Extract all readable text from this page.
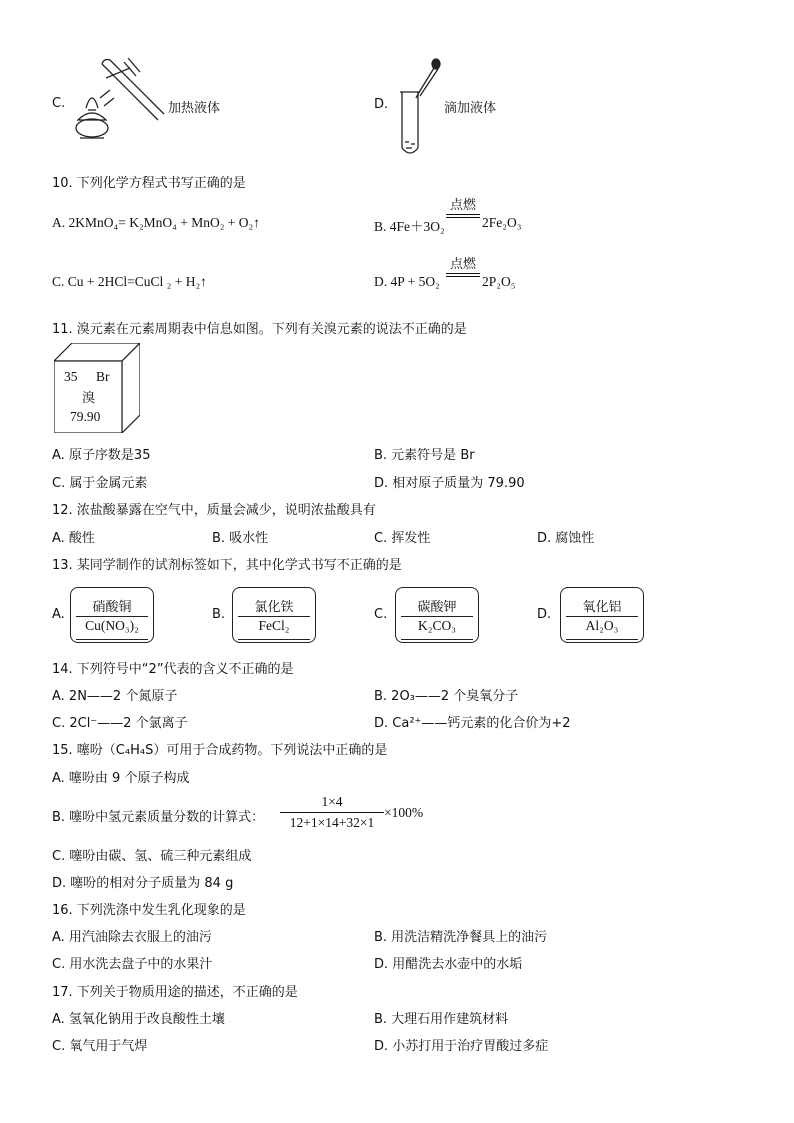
C.	加热液体	D.	滴加液体
10. 下列化学方程式书写正确的是
A. 2KMnO₄= K₂MnO₄ + MnO₂ + O₂↑	B. 4Fe＋3O₂
点燃
2Fe₂O₃
C. Cu + 2HCl=CuCl ₂ + H₂↑	D. 4P + 5O₂
点燃
2P₂O₅
11. 溴元素在元素周期表中信息如图。下列有关溴元素的说法不正确的是
35 Br
溴
79.90
A. 原子序数是35	B. 元素符号是 Br
C. 属于金属元素	D. 相对原子质量为 79.90
12. 浓盐酸暴露在空气中，质量会减少，说明浓盐酸具有
A. 酸性	B. 吸水性	C. 挥发性	D. 腐蚀性
13. 某同学制作的试剂标签如下，其中化学式书写不正确的是
A.	硝酸铜
Cu(NO₃)₂
B.	氯化铁
FeCl₂
C.	碳酸钾
K₂CO₃
D.	氧化铝
Al₂O₃
14. 下列符号中“2”代表的含义不正确的是
A. 2N——2 个氮原子	B. 2O₃——2 个臭氧分子
C. 2Cl⁻——2 个氯离子	D. Ca²⁺——钙元素的化合价为+2
15. 噻吩（C₄H₄S）可用于合成药物。下列说法中正确的是
A. 噻吩由 9 个原子构成
B. 噻吩中氢元素质量分数的计算式：
1×4
12+1×14+32×1
×100%
C. 噻吩由碳、氢、硫三种元素组成
D. 噻吩的相对分子质量为 84 g
16. 下列洗涤中发生乳化现象的是
A. 用汽油除去衣服上的油污	B. 用洗洁精洗净餐具上的油污
C. 用水洗去盘子中的水果汁	D. 用醋洗去水壶中的水垢
17. 下列关于物质用途的描述，不正确的是
A. 氢氧化钠用于改良酸性土壤	B. 大理石用作建筑材料
C. 氧气用于气焊	D. 小苏打用于治疗胃酸过多症
